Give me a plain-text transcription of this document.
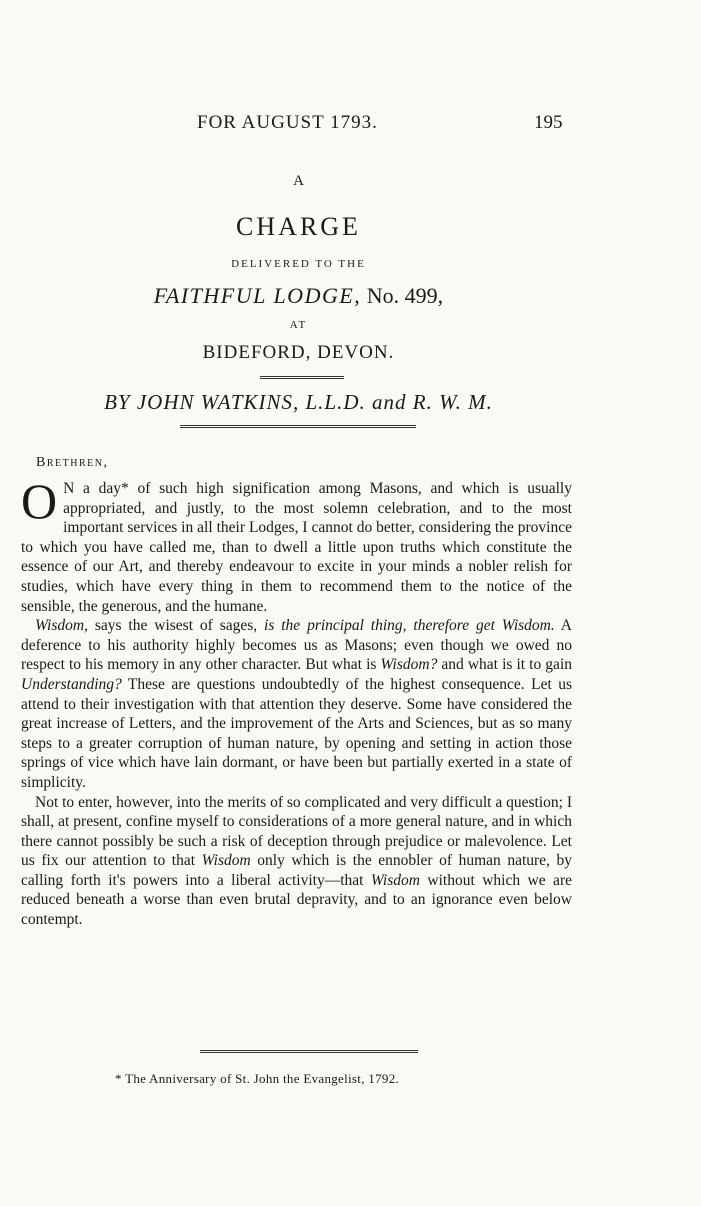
FOR AUGUST 1793.	195
A
CHARGE
DELIVERED TO THE
FAITHFUL LODGE, No. 499,
AT
BIDEFORD, DEVON.
BY JOHN WATKINS, L.L.D. and R. W. M.
Brethren,

O N a day* of such high signification among Masons, and which is usually appropriated, and justly, to the most solemn celebration, and to the most important services in all their Lodges, I cannot do better, considering the province to which you have called me, than to dwell a little upon truths which constitute the essence of our Art, and thereby endeavour to excite in your minds a nobler relish for studies, which have every thing in them to recommend them to the notice of the sensible, the generous, and the humane.

Wisdom, says the wisest of sages, is the principal thing, therefore get Wisdom. A deference to his authority highly becomes us as Masons; even though we owed no respect to his memory in any other character. But what is Wisdom? and what is it to gain Understanding? These are questions undoubtedly of the highest consequence. Let us attend to their investigation with that attention they deserve. Some have considered the great increase of Letters, and the improvement of the Arts and Sciences, but as so many steps to a greater corruption of human nature, by opening and setting in action those springs of vice which have lain dormant, or have been but partially exerted in a state of simplicity.

Not to enter, however, into the merits of so complicated and very difficult a question; I shall, at present, confine myself to considerations of a more general nature, and in which there cannot possibly be such a risk of deception through prejudice or malevolence. Let us fix our attention to that Wisdom only which is the ennobler of human nature, by calling forth it's powers into a liberal activity—that Wisdom without which we are reduced beneath a worse than even brutal depravity, and to an ignorance even below contempt.

* The Anniversary of St. John the Evangelist, 1792.
